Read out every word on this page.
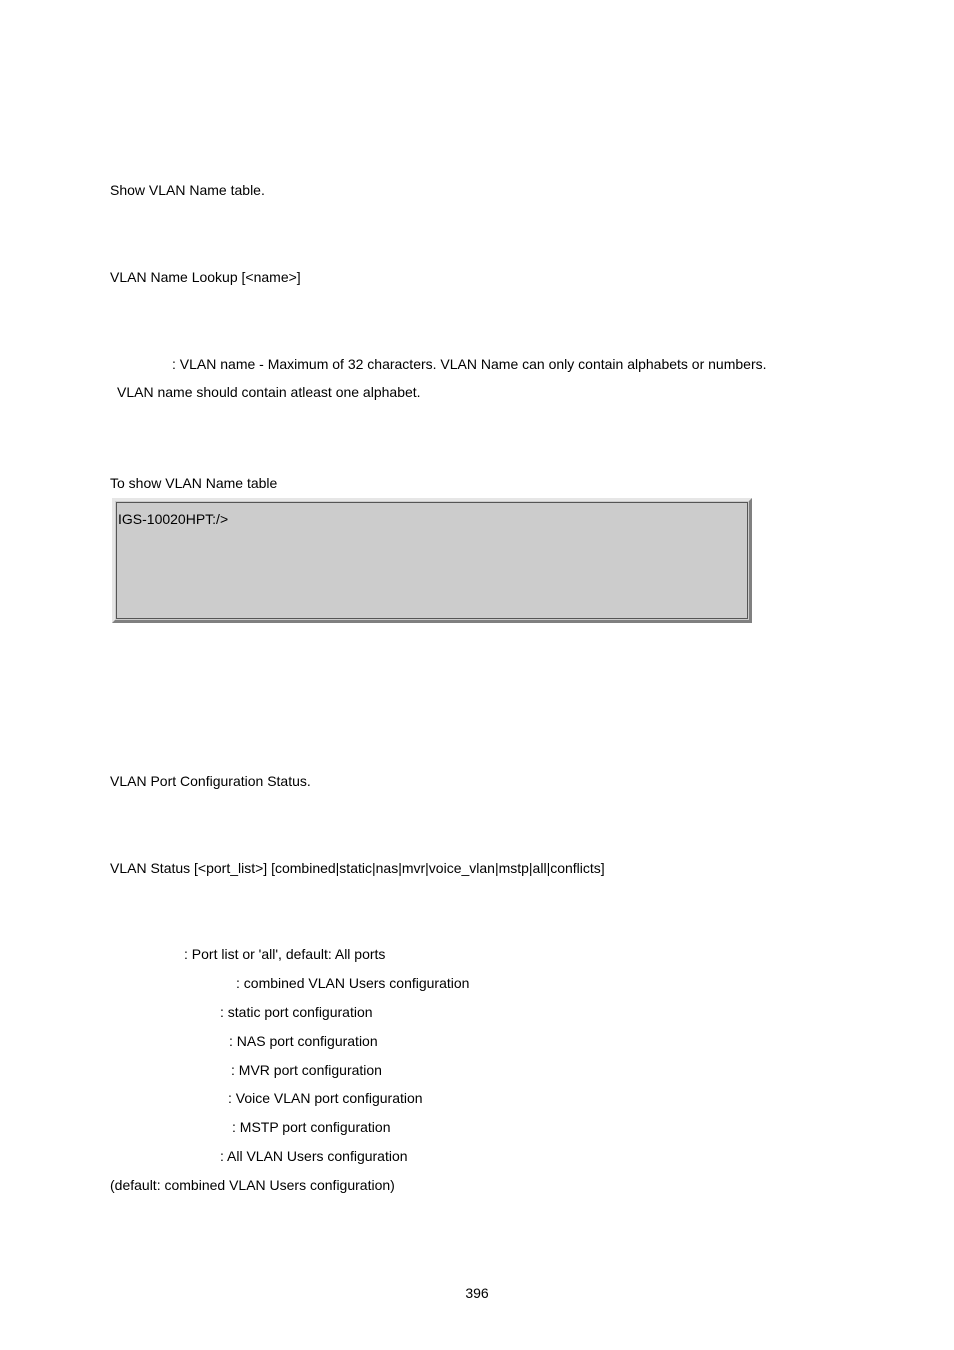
Show VLAN Name table.
VLAN Name Lookup [<name>]
: VLAN name - Maximum of 32 characters. VLAN Name can only contain alphabets or numbers.
VLAN name should contain atleast one alphabet.
To show VLAN Name table
IGS-10020HPT:/>
VLAN Port Configuration Status.
VLAN Status [<port_list>] [combined|static|nas|mvr|voice_vlan|mstp|all|conflicts]
: Port list or 'all', default: All ports
: combined VLAN Users configuration
: static port configuration
: NAS port configuration
: MVR port configuration
: Voice VLAN port configuration
: MSTP port configuration
: All VLAN Users configuration
(default: combined VLAN Users configuration)
396
